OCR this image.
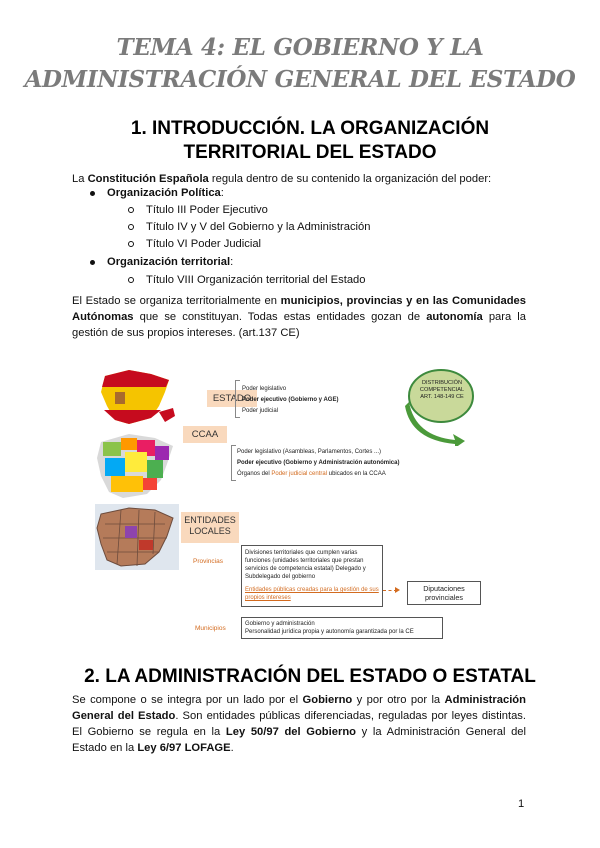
TEMA 4: EL GOBIERNO Y LA
ADMINISTRACIÓN GENERAL DEL ESTADO
1. INTRODUCCIÓN. LA ORGANIZACIÓN
TERRITORIAL DEL ESTADO
La Constitución Española regula dentro de su contenido la organización del poder:
Organización Política:
Título III Poder Ejecutivo
Título IV y V del Gobierno y la Administración
Título VI Poder Judicial
Organización territorial:
Título VIII Organización territorial del Estado
El Estado se organiza territorialmente en municipios, provincias y en las Comunidades Autónomas que se constituyan. Todas estas entidades gozan de autonomía para la gestión de sus propios intereses. (art.137 CE)
ESTADO
Poder legislativo
Poder ejecutivo (Gobierno y AGE)
Poder judicial
DISTRIBUCIÓN
COMPETENCIAL
ART. 148-149 CE
CCAA
Poder legislativo (Asambleas, Parlamentos, Cortes ...)
Poder ejecutivo (Gobierno y Administración autonómica)
Órganos del Poder judicial central ubicados en la CCAA
ENTIDADES
LOCALES
Provincias
Divisiones territoriales que cumplen varias funciones (unidades territoriales que prestan servicios de competencia estatal) Delegado y Subdelegado del gobierno
Entidades públicas creadas para la gestión de sus propios intereses
Diputaciones
provinciales
Municipios
Gobierno y administración
Personalidad jurídica propia y autonomía garantizada por la CE
2. LA ADMINISTRACIÓN DEL ESTADO O ESTATAL
Se compone o se integra por un lado por el Gobierno y por otro por la Administración General del Estado. Son entidades públicas diferenciadas, reguladas por leyes distintas. El Gobierno se regula en la Ley 50/97 del Gobierno y la Administración General del Estado en la Ley 6/97 LOFAGE.
1
